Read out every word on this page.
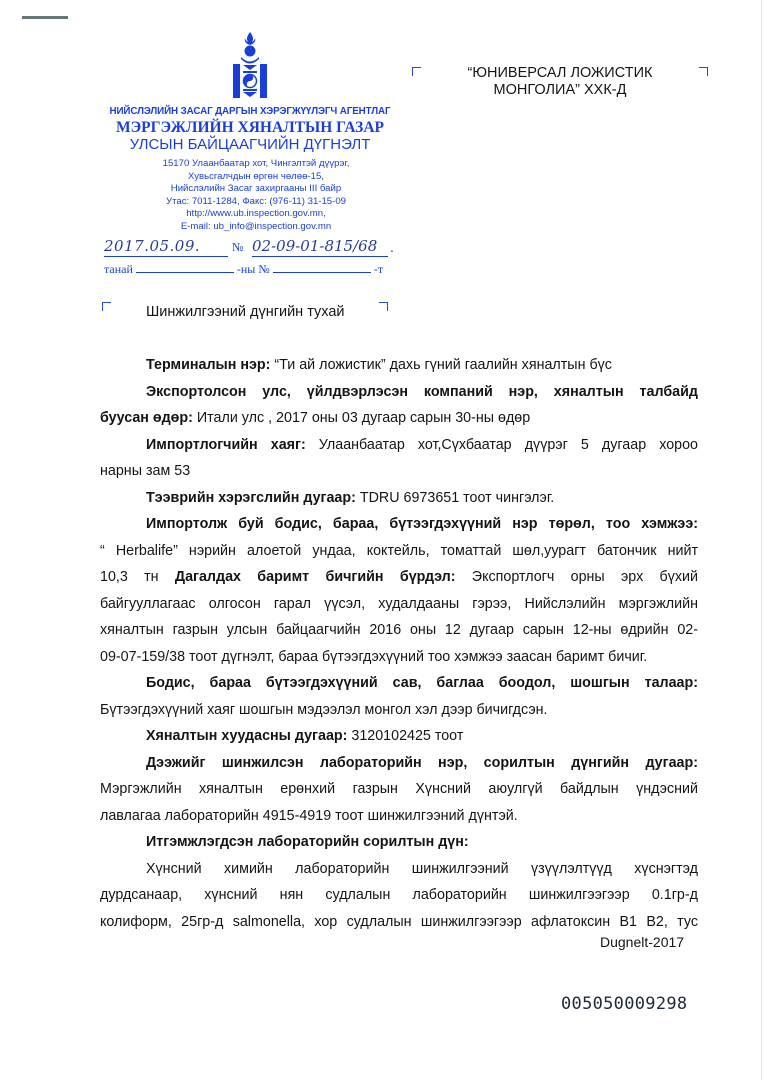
НИЙСЛЭЛИЙН ЗАСАГ ДАРГЫН ХЭРЭГЖҮҮЛЭГЧ АГЕНТЛАГ
МЭРГЭЖЛИЙН ХЯНАЛТЫН ГАЗАР
УЛСЫН БАЙЦААГЧИЙН ДҮГНЭЛТ
15170 Улаанбаатар хот, Чингэлтэй дүүрэг,
Хувьсгалчдын өргөн чөлөө-15,
Нийслэлийн Засаг захиргааны III байр
Утас: 7011-1284, Факс: (976-11) 31-15-09
http://www.ub.inspection.gov.mn,
E-mail: ub_info@inspection.gov.mn
2017.05.09.	№ 02-09-01-815/68 .
танай	-ны №	-т
“ЮНИВЕРСАЛ ЛОЖИСТИК
МОНГОЛИА” ХХК-Д
Шинжилгээний дүнгийн тухай

Терминалын нэр: “Ти ай ложистик” дахь гүний гаалийн хяналтын бүс

Экспортолсон улс, үйлдвэрлэсэн компаний нэр, хяналтын талбайд

буусан өдөр: Итали улс , 2017 оны 03 дугаар сарын 30-ны өдөр

Импортлогчийн хаяг: Улаанбаатар хот,Сүхбаатар дүүрэг 5 дугаар хороо

нарны зам 53

Тээврийн хэрэгслийн дугаар: TDRU 6973651 тоот чингэлэг.

Импортолж буй бодис, бараа, бүтээгдэхүүний нэр төрөл, тоо хэмжээ:

“ Herbalife” нэрийн алоетой ундаа, коктейль, томаттай шөл,уурагт батончик нийт

10,3 тн Дагалдах баримт бичгийн бүрдэл: Экспортлогч орны эрх бүхий

байгууллагаас олгосон гарал үүсэл, худалдааны гэрээ, Нийслэлийн мэргэжлийн

хяналтын газрын улсын байцаагчийн 2016 оны 12 дугаар сарын 12-ны өдрийн 02-

09-07-159/38 тоот дүгнэлт, бараа бүтээгдэхүүний тоо хэмжээ заасан баримт бичиг.

Бодис, бараа бүтээгдэхүүний сав, баглаа боодол, шошгын талаар:

Бүтээгдэхүүний хаяг шошгын мэдээлэл монгол хэл дээр бичигдсэн.

Хяналтын хуудасны дугаар: 3120102425 тоот

Дээжийг шинжилсэн лабораторийн нэр, сорилтын дүнгийн дугаар:

Мэргэжлийн хяналтын ерөнхий газрын Хүнсний аюулгүй байдлын үндэсний

лавлагаа лабораторийн 4915-4919 тоот шинжилгээний дүнтэй.

Итгэмжлэгдсэн лабораторийн сорилтын дүн:

Хүнсний химийн лабораторийн шинжилгээний үзүүлэлтүүд хүснэгтэд

дурдсанаар, хүнсний нян судлалын лабораторийн шинжилгээгээр 0.1гр-д

колиформ, 25гр-д salmonella, хор судлалын шинжилгээгээр афлатоксин B1 B2, тус

Dugnelt-2017
005050009298
